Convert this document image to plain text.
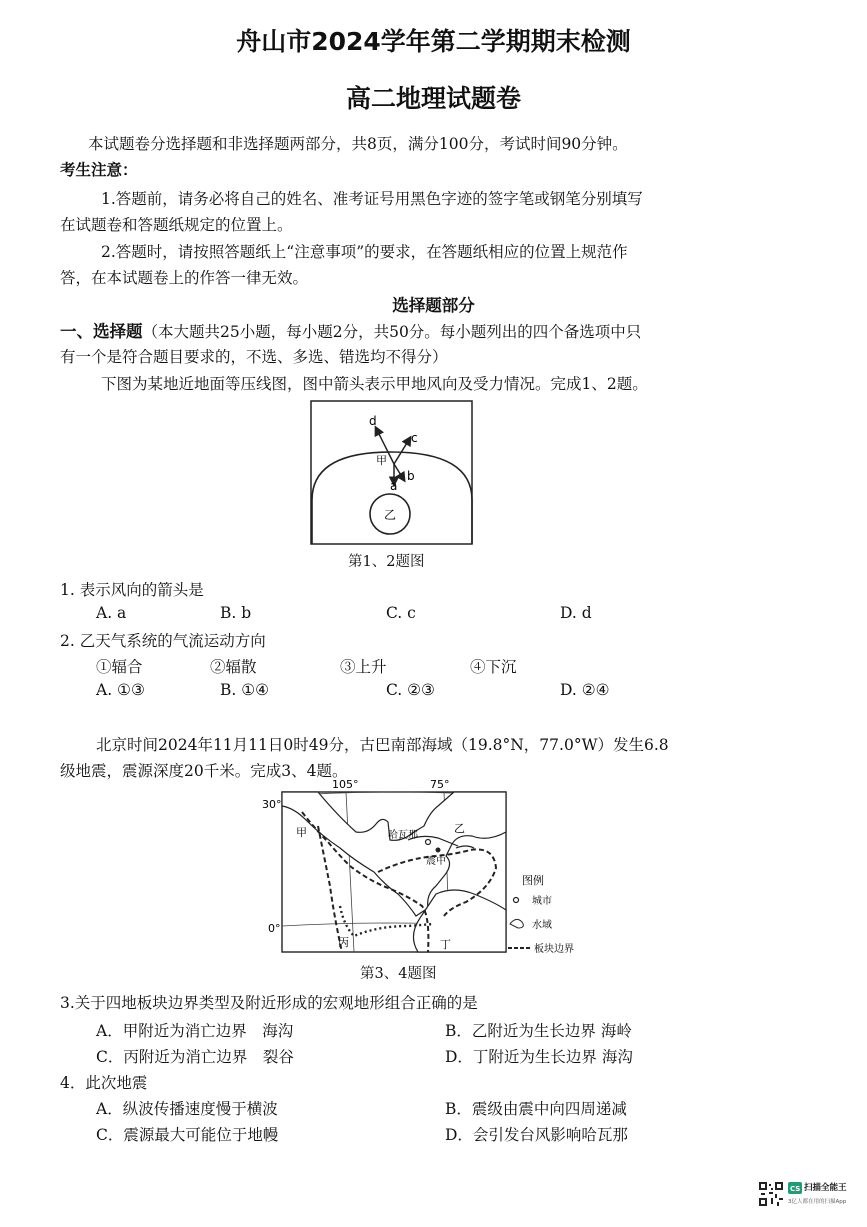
舟山市2024学年第二学期期末检测
高二地理试题卷
本试题卷分选择题和非选择题两部分，共8页，满分100分，考试时间90分钟。
考生注意：
1.答题前，请务必将自己的姓名、准考证号用黑色字迹的签字笔或钢笔分别填写
在试题卷和答题纸规定的位置上。
2.答题时，请按照答题纸上“注意事项”的要求，在答题纸相应的位置上规范作
答，在本试题卷上的作答一律无效。
选择题部分
一、选择题（本大题共25小题，每小题2分，共50分。每小题列出的四个备选项中只
有一个是符合题目要求的，不选、多选、错选均不得分）
下图为某地近地面等压线图，图中箭头表示甲地风向及受力情况。完成1、2题。
a
b
c
d
甲
乙
第1、2题图
1. 表示风向的箭头是
A. a	B. b	C. c	D. d
2. 乙天气系统的气流运动方向
①辐合	②辐散	③上升	④下沉
A. ①③	B. ①④	C. ②③	D. ②④
北京时间2024年11月11日0时49分，古巴南部海域（19.8°N，77.0°W）发生6.8
级地震，震源深度20千米。完成3、4题。
105°	75°
30°
0°
哈瓦那
震中
甲	乙
丙	丁
图例
城市
水域
板块边界
第3、4题图
3.关于四地板块边界类型及附近形成的宏观地形组合正确的是
A．甲附近为消亡边界　海沟	B．乙附近为生长边界 海岭
C．丙附近为消亡边界　裂谷	D．丁附近为生长边界 海沟
4．此次地震
A．纵波传播速度慢于横波	B．震级由震中向四周递减
C．震源最大可能位于地幔	D．会引发台风影响哈瓦那
CS 扫描全能王
3亿人都在用的扫描App
